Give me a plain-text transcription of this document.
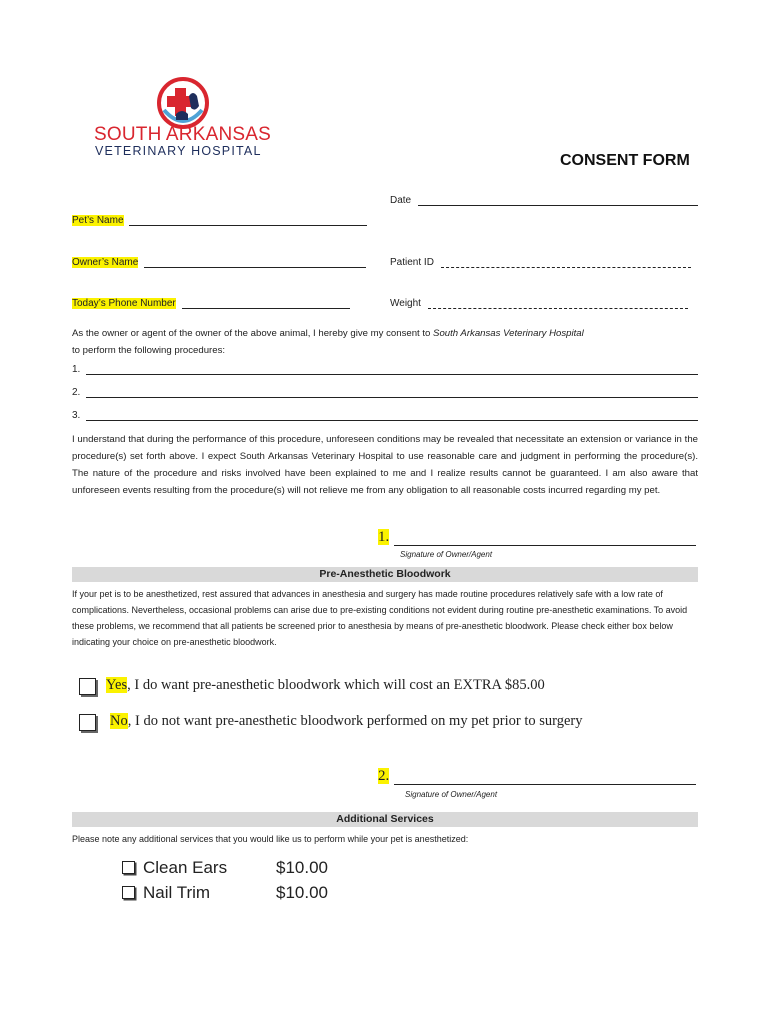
SOUTH ARKANSAS
VETERINARY HOSPITAL
CONSENT FORM
Date
Pet’s Name
Owner’s Name	Patient ID
Today’s Phone Number	Weight
As the owner or agent of the owner of the above animal, I hereby give my consent to South Arkansas Veterinary Hospital
to perform the following procedures:
1.
2.
3.
I understand that during the performance of this procedure, unforeseen conditions may be revealed that necessitate an extension or variance in the procedure(s) set forth above. I expect South Arkansas Veterinary Hospital to use reasonable care and judgment in performing the procedure(s). The nature of the procedure and risks involved have been explained to me and I realize results cannot be guaranteed. I am also aware that unforeseen events resulting from the procedure(s) will not relieve me from any obligation to all reasonable costs incurred regarding my pet.
1.
Signature of Owner/Agent
Pre-Anesthetic Bloodwork
If your pet is to be anesthetized, rest assured that advances in anesthesia and surgery has made routine procedures relatively safe with a low rate of complications. Nevertheless, occasional problems can arise due to pre-existing conditions not evident during routine pre-anesthetic examinations. To avoid these problems, we recommend that all patients be screened prior to anesthesia by means of pre-anesthetic bloodwork. Please check either box below indicating your choice on pre-anesthetic bloodwork.
Yes, I do want pre-anesthetic bloodwork which will cost an EXTRA $85.00
No, I do not want pre-anesthetic bloodwork performed on my pet prior to surgery
2.
Signature of Owner/Agent
Additional Services
Please note any additional services that you would like us to perform while your pet is anesthetized:
Clean Ears	$10.00
Nail Trim	$10.00
